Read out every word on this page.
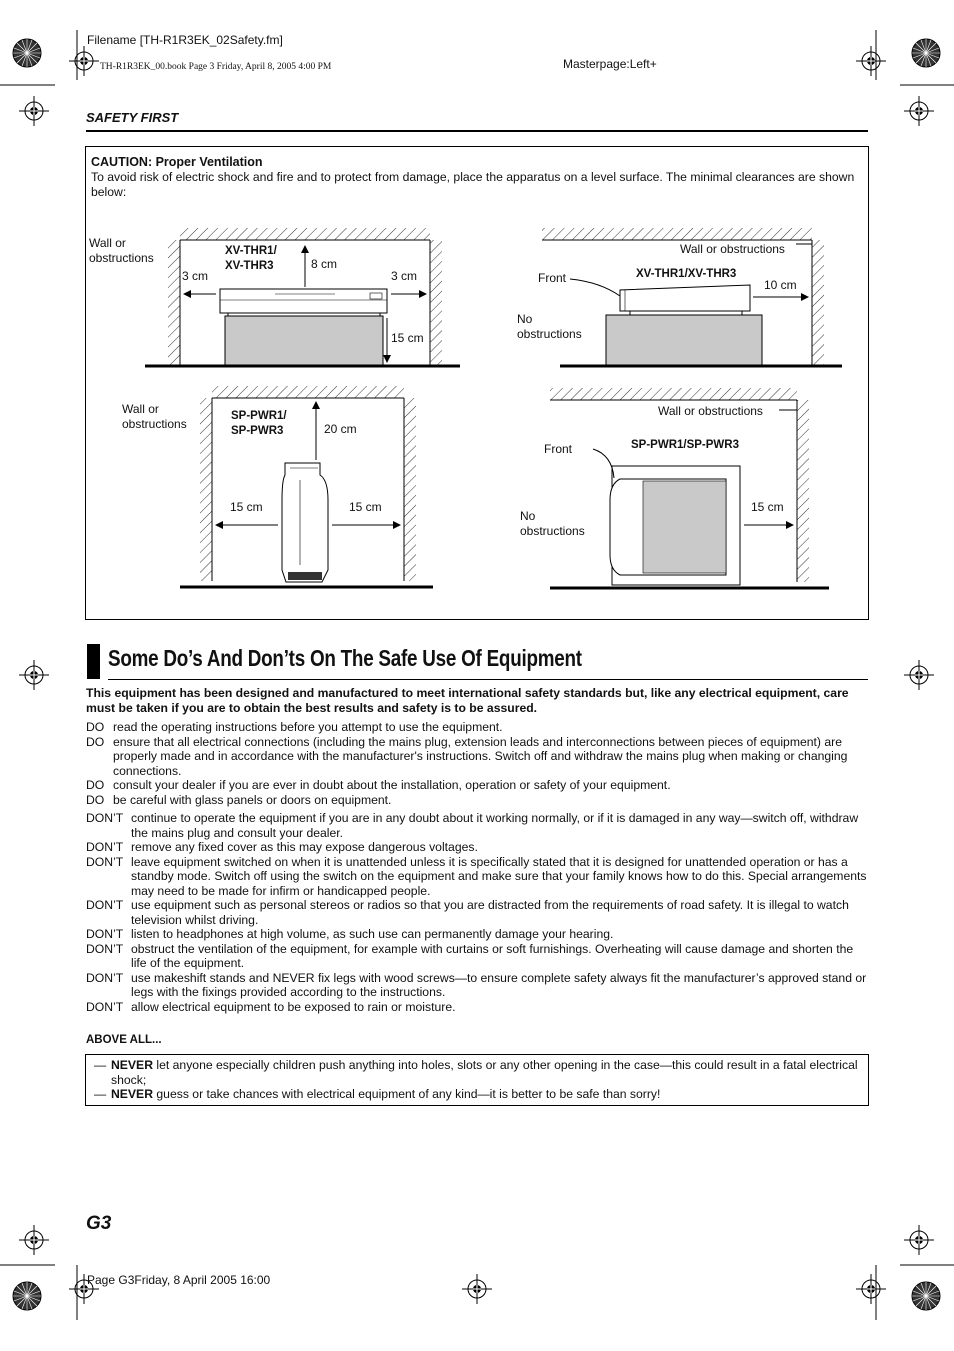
Filename [TH-R1R3EK_02Safety.fm]
TH-R1R3EK_00.book Page 3 Friday, April 8, 2005 4:00 PM	Masterpage:Left+
SAFETY FIRST
CAUTION: Proper Ventilation
To avoid risk of electric shock and fire and to protect from damage, place the apparatus on a level surface. The minimal clearances are shown below:
Wall or
obstructions	XV-THR1/
XV-THR3	8 cm
3 cm	3 cm
15 cm
Wall or obstructions
Front	XV-THR1/XV-THR3
10 cm
No
obstructions
Wall or
obstructions
SP-PWR1/
SP-PWR3	20 cm
15 cm	15 cm
Wall or obstructions
Front	SP-PWR1/SP-PWR3
15 cm
No
obstructions
Some Do’s And Don’ts On The Safe Use Of Equipment
This equipment has been designed and manufactured to meet international safety standards but, like any electrical equipment, care must be taken if you are to obtain the best results and safety is to be assured.
DO read the operating instructions before you attempt to use the equipment.
DO ensure that all electrical connections (including the mains plug, extension leads and interconnections between pieces of equipment) are properly made and in accordance with the manufacturer's instructions. Switch off and withdraw the mains plug when making or changing connections.
DO consult your dealer if you are ever in doubt about the installation, operation or safety of your equipment.
DO be careful with glass panels or doors on equipment.
DON’T continue to operate the equipment if you are in any doubt about it working normally, or if it is damaged in any way—switch off, withdraw the mains plug and consult your dealer.
DON’T remove any fixed cover as this may expose dangerous voltages.
DON’T leave equipment switched on when it is unattended unless it is specifically stated that it is designed for unattended operation or has a standby mode. Switch off using the switch on the equipment and make sure that your family knows how to do this. Special arrangements may need to be made for infirm or handicapped people.
DON’T use equipment such as personal stereos or radios so that you are distracted from the requirements of road safety. It is illegal to watch television whilst driving.
DON’T listen to headphones at high volume, as such use can permanently damage your hearing.
DON’T obstruct the ventilation of the equipment, for example with curtains or soft furnishings. Overheating will cause damage and shorten the life of the equipment.
DON’T use makeshift stands and NEVER fix legs with wood screws—to ensure complete safety always fit the manufacturer’s approved stand or legs with the fixings provided according to the instructions.
DON’T allow electrical equipment to be exposed to rain or moisture.
ABOVE ALL...
— NEVER let anyone especially children push anything into holes, slots or any other opening in the case—this could result in a fatal electrical shock;
— NEVER guess or take chances with electrical equipment of any kind—it is better to be safe than sorry!
G3
Page G3Friday, 8 April 2005 16:00
